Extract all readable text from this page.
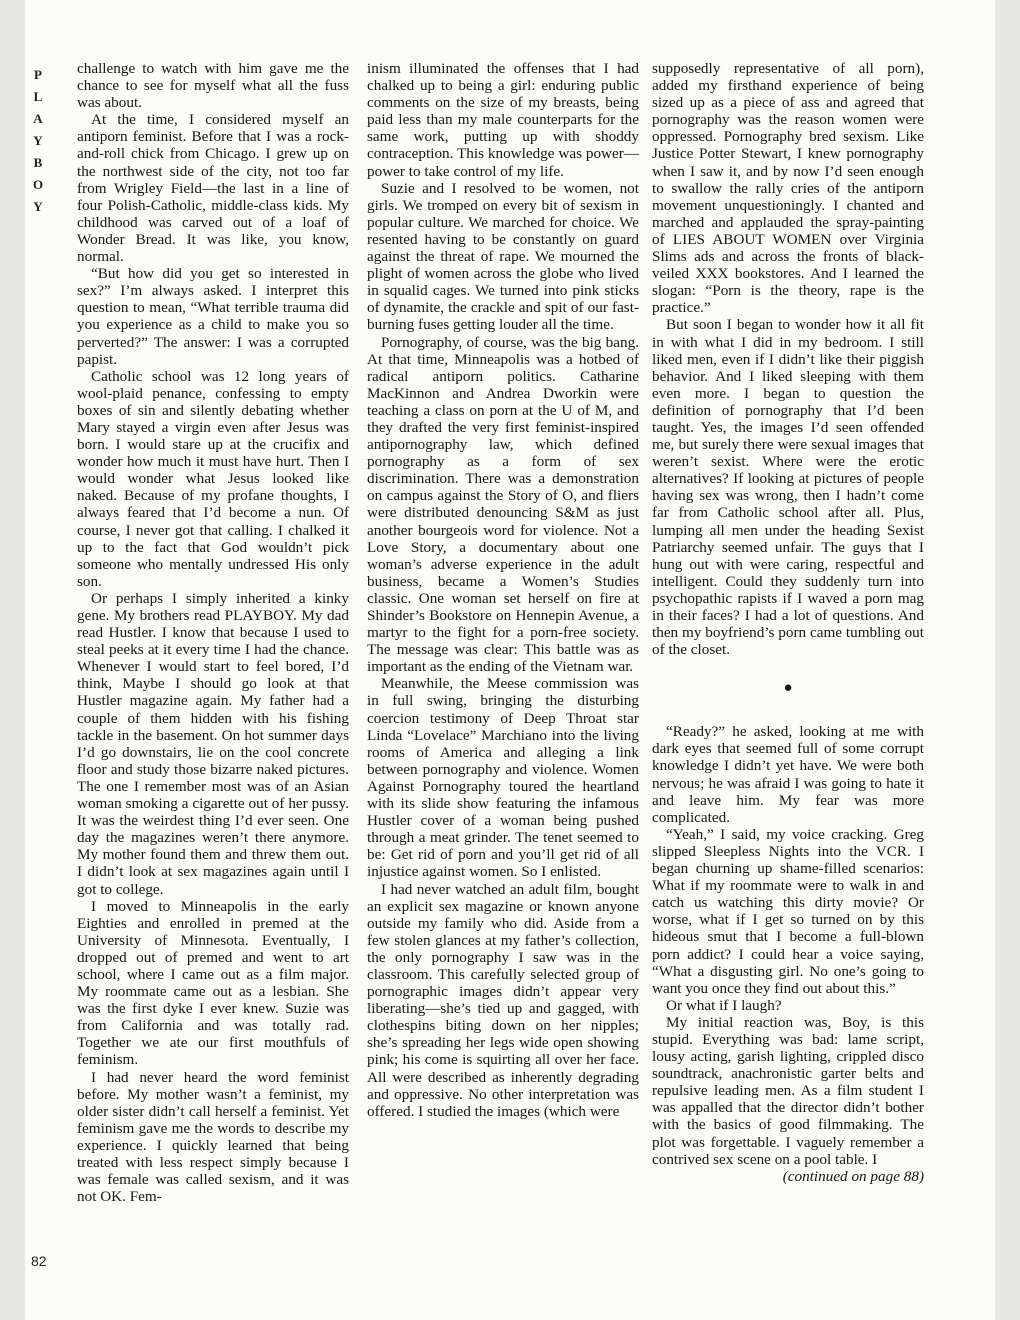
P
L
A
Y
B
O
Y

challenge to watch with him gave me the chance to see for myself what all the fuss was about.

At the time, I considered myself an antiporn feminist. Before that I was a rock-and-roll chick from Chicago. I grew up on the northwest side of the city, not too far from Wrigley Field—the last in a line of four Polish-Catholic, middle-class kids. My childhood was carved out of a loaf of Wonder Bread. It was like, you know, normal.

“But how did you get so interested in sex?” I’m always asked. I interpret this question to mean, “What terrible trauma did you experience as a child to make you so perverted?” The answer: I was a corrupted papist.

Catholic school was 12 long years of wool-plaid penance, confessing to empty boxes of sin and silently debating whether Mary stayed a virgin even after Jesus was born. I would stare up at the crucifix and wonder how much it must have hurt. Then I would wonder what Jesus looked like naked. Because of my profane thoughts, I always feared that I’d become a nun. Of course, I never got that calling. I chalked it up to the fact that God wouldn’t pick someone who mentally undressed His only son.

Or perhaps I simply inherited a kinky gene. My brothers read PLAYBOY. My dad read Hustler. I know that because I used to steal peeks at it every time I had the chance. Whenever I would start to feel bored, I’d think, Maybe I should go look at that Hustler magazine again. My father had a couple of them hidden with his fishing tackle in the basement. On hot summer days I’d go downstairs, lie on the cool concrete floor and study those bizarre naked pictures. The one I remember most was of an Asian woman smoking a cigarette out of her pussy. It was the weirdest thing I’d ever seen. One day the magazines weren’t there anymore. My mother found them and threw them out. I didn’t look at sex magazines again until I got to college.

I moved to Minneapolis in the early Eighties and enrolled in premed at the University of Minnesota. Eventually, I dropped out of premed and went to art school, where I came out as a film major. My roommate came out as a lesbian. She was the first dyke I ever knew. Suzie was from California and was totally rad. Together we ate our first mouthfuls of feminism.

I had never heard the word feminist before. My mother wasn’t a feminist, my older sister didn’t call herself a feminist. Yet feminism gave me the words to describe my experience. I quickly learned that being treated with less respect simply because I was female was called sexism, and it was not OK. Fem-

inism illuminated the offenses that I had chalked up to being a girl: enduring public comments on the size of my breasts, being paid less than my male counterparts for the same work, putting up with shoddy contraception. This knowledge was power—power to take control of my life.

Suzie and I resolved to be women, not girls. We tromped on every bit of sexism in popular culture. We marched for choice. We resented having to be constantly on guard against the threat of rape. We mourned the plight of women across the globe who lived in squalid cages. We turned into pink sticks of dynamite, the crackle and spit of our fast-burning fuses getting louder all the time.

Pornography, of course, was the big bang. At that time, Minneapolis was a hotbed of radical antiporn politics. Catharine MacKinnon and Andrea Dworkin were teaching a class on porn at the U of M, and they drafted the very first feminist-inspired antipornography law, which defined pornography as a form of sex discrimination. There was a demonstration on campus against the Story of O, and fliers were distributed denouncing S&M as just another bourgeois word for violence. Not a Love Story, a documentary about one woman’s adverse experience in the adult business, became a Women’s Studies classic. One woman set herself on fire at Shinder’s Bookstore on Hennepin Avenue, a martyr to the fight for a porn-free society. The message was clear: This battle was as important as the ending of the Vietnam war.

Meanwhile, the Meese commission was in full swing, bringing the disturbing coercion testimony of Deep Throat star Linda “Lovelace” Marchiano into the living rooms of America and alleging a link between pornography and violence. Women Against Pornography toured the heartland with its slide show featuring the infamous Hustler cover of a woman being pushed through a meat grinder. The tenet seemed to be: Get rid of porn and you’ll get rid of all injustice against women. So I enlisted.

I had never watched an adult film, bought an explicit sex magazine or known anyone outside my family who did. Aside from a few stolen glances at my father’s collection, the only pornography I saw was in the classroom. This carefully selected group of pornographic images didn’t appear very liberating—she’s tied up and gagged, with clothespins biting down on her nipples; she’s spreading her legs wide open showing pink; his come is squirting all over her face. All were described as inherently degrading and oppressive. No other interpretation was offered. I studied the images (which were

supposedly representative of all porn), added my firsthand experience of being sized up as a piece of ass and agreed that pornography was the reason women were oppressed. Pornography bred sexism. Like Justice Potter Stewart, I knew pornography when I saw it, and by now I’d seen enough to swallow the rally cries of the antiporn movement unquestioningly. I chanted and marched and applauded the spray-painting of LIES ABOUT WOMEN over Virginia Slims ads and across the fronts of black-veiled XXX bookstores. And I learned the slogan: “Porn is the theory, rape is the practice.”

But soon I began to wonder how it all fit in with what I did in my bedroom. I still liked men, even if I didn’t like their piggish behavior. And I liked sleeping with them even more. I began to question the definition of pornography that I’d been taught. Yes, the images I’d seen offended me, but surely there were sexual images that weren’t sexist. Where were the erotic alternatives? If looking at pictures of people having sex was wrong, then I hadn’t come far from Catholic school after all. Plus, lumping all men under the heading Sexist Patriarchy seemed unfair. The guys that I hung out with were caring, respectful and intelligent. Could they suddenly turn into psychopathic rapists if I waved a porn mag in their faces? I had a lot of questions. And then my boyfriend’s porn came tumbling out of the closet.

●

“Ready?” he asked, looking at me with dark eyes that seemed full of some corrupt knowledge I didn’t yet have. We were both nervous; he was afraid I was going to hate it and leave him. My fear was more complicated.

“Yeah,” I said, my voice cracking. Greg slipped Sleepless Nights into the VCR. I began churning up shame-filled scenarios: What if my roommate were to walk in and catch us watching this dirty movie? Or worse, what if I get so turned on by this hideous smut that I become a full-blown porn addict? I could hear a voice saying, “What a disgusting girl. No one’s going to want you once they find out about this.”

Or what if I laugh?

My initial reaction was, Boy, is this stupid. Everything was bad: lame script, lousy acting, garish lighting, crippled disco soundtrack, anachronistic garter belts and repulsive leading men. As a film student I was appalled that the director didn’t bother with the basics of good filmmaking. The plot was forgettable. I vaguely remember a contrived sex scene on a pool table. I

(continued on page 88)

82
